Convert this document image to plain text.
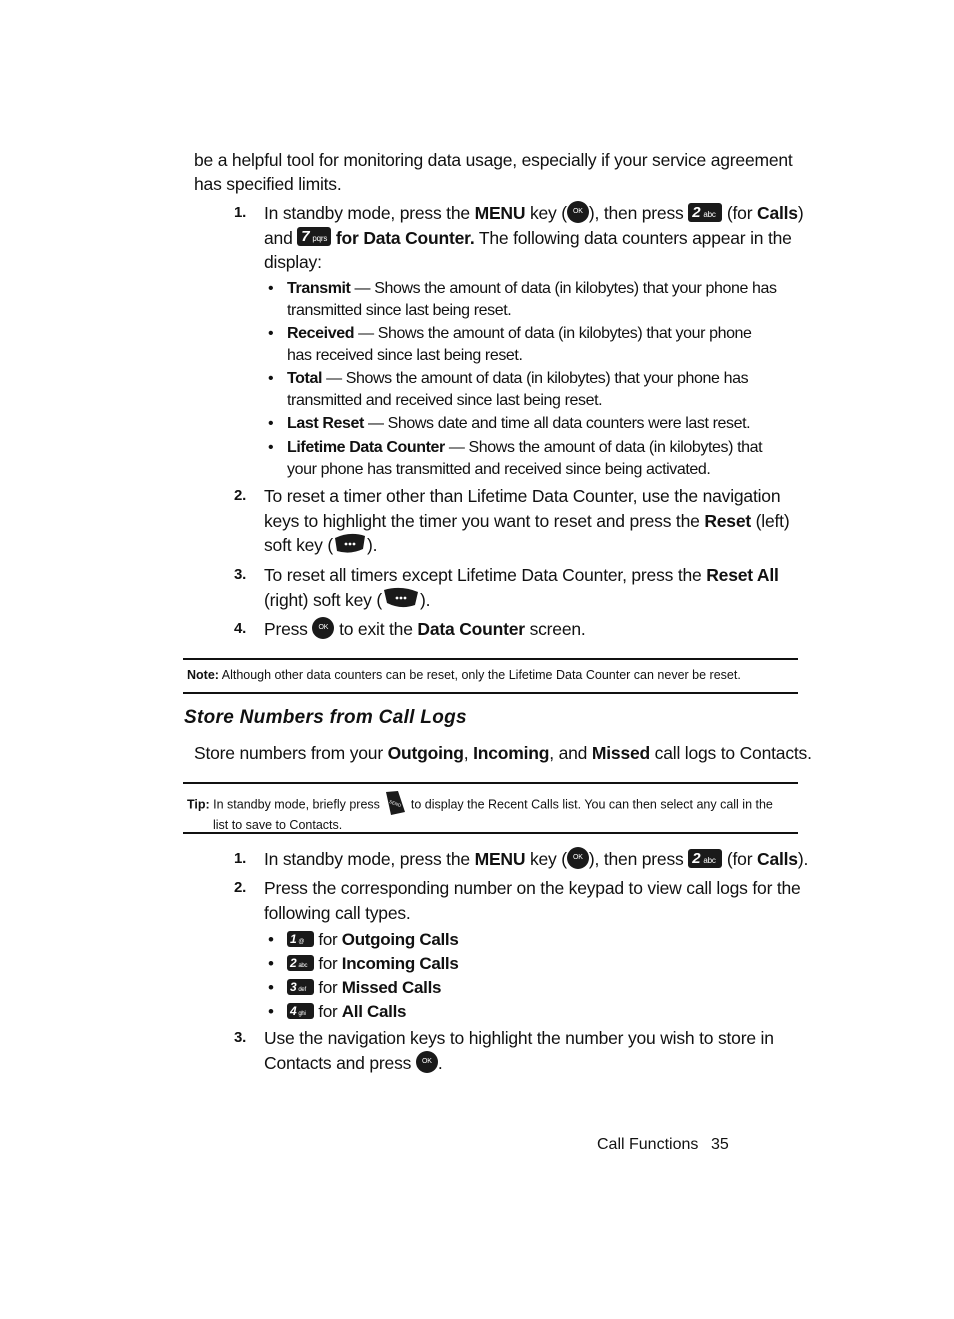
be a helpful tool for monitoring data usage, especially if your service agreement has specified limits.
1. In standby mode, press the MENU key ( OK ), then press 2 abc (for Calls)
and 7 pqrs for Data Counter. The following data counters appear in the display:
• Transmit — Shows the amount of data (in kilobytes) that your phone has transmitted since last being reset.
• Received — Shows the amount of data (in kilobytes) that your phone has received since last being reset.
• Total — Shows the amount of data (in kilobytes) that your phone has transmitted and received since last being reset.
• Last Reset — Shows date and time all data counters were last reset.
• Lifetime Data Counter — Shows the amount of data (in kilobytes) that your phone has transmitted and received since being activated.
2. To reset a timer other than Lifetime Data Counter, use the navigation keys to highlight the timer you want to reset and press the Reset (left) soft key ( ).
3. To reset all timers except Lifetime Data Counter, press the Reset All (right) soft key ( ).
4. Press OK to exit the Data Counter screen.
Note: Although other data counters can be reset, only the Lifetime Data Counter can never be reset.
Store Numbers from Call Logs
Store numbers from your Outgoing, Incoming, and Missed call logs to Contacts.
Tip: In standby mode, briefly press SEND to display the Recent Calls list. You can then select any call in the
list to save to Contacts.
1. In standby mode, press the MENU key ( OK ), then press 2 abc (for Calls).
2. Press the corresponding number on the keypad to view call logs for the following call types.
• 1 @ for Outgoing Calls
• 2 abc for Incoming Calls
• 3 def for Missed Calls
• 4 ghi for All Calls
3. Use the navigation keys to highlight the number you wish to store in Contacts and press OK .
Call Functions 35
